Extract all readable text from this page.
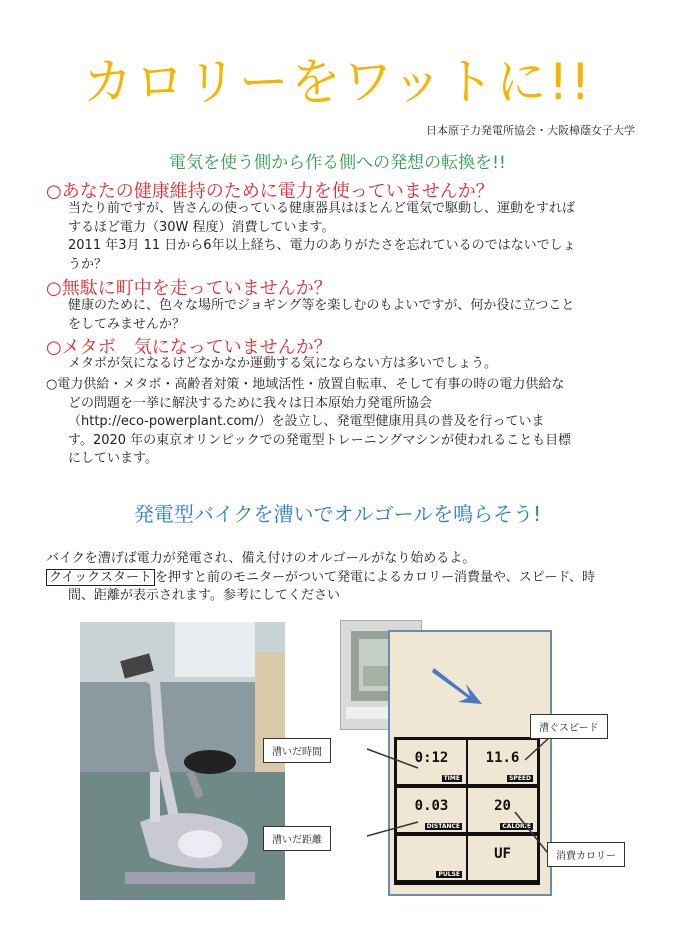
カロリーをワットに!!
日本原子力発電所協会・大阪樟蔭女子大学
電気を使う側から作る側への発想の転換を!!
○あなたの健康維持のために電力を使っていませんか？
当たり前ですが、皆さんの使っている健康器具はほとんど電気で駆動し、運動をすれば
するほど電力（30W 程度）消費しています。
2011 年3月 11 日から6年以上経ち、電力のありがたさを忘れているのではないでしょ
うか？
○無駄に町中を走っていませんか？
健康のために、色々な場所でジョギング等を楽しむのもよいですが、何か役に立つこと
をしてみませんか？
○メタボ　気になっていませんか？
メタボが気になるけどなかなか運動する気にならない方は多いでしょう。
○電力供給・メタボ・高齢者対策・地域活性・放置自転車、そして有事の時の電力供給な
どの問題を一挙に解決するために我々は日本原始力発電所協会
（http://eco-powerplant.com/）を設立し、発電型健康用具の普及を行っていま
す。2020 年の東京オリンピックでの発電型トレーニングマシンが使われることも目標
にしています。
発電型バイクを漕いでオルゴールを鳴らそう!
バイクを漕げば電力が発電され、備え付けのオルゴールがなり始めるよ。
クイックスタート を押すと前のモニターがついて発電によるカロリー消費量や、スピード、時
間、距離が表示されます。参考にしてください
0:12
TIME
11.6
SPEED
0.03
DISTANCE
20
CALORIE
PULSE
UF
漕いだ時間
漕いだ距離
漕ぐスピード
消費カロリー
